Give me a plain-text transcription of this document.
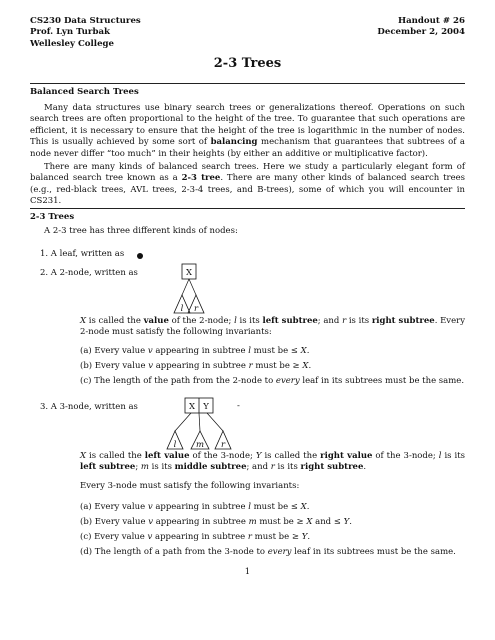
CS230 Data Structures
Prof. Lyn Turbak
Wellesley College
Handout # 26
December 2, 2004
2-3 Trees
Balanced Search Trees
Many data structures use binary search trees or generalizations thereof. Operations on such search trees are often proportional to the height of the tree. To guarantee that such operations are efficient, it is necessary to ensure that the height of the tree is logarithmic in the number of nodes. This is usually achieved by some sort of balancing mechanism that guarantees that subtrees of a node never differ “too much” in their heights (by either an additive or multiplicative factor).
There are many kinds of balanced search trees. Here we study a particularly elegant form of balanced search tree known as a 2-3 tree. There are many other kinds of balanced search trees (e.g., red-black trees, AVL trees, 2-3-4 trees, and B-trees), some of which you will encounter in CS231.
2-3 Trees
A 2-3 tree has three different kinds of nodes:
1. A leaf, written as
2. A 2-node, written as	X
l r
X is called the value of the 2-node; l is its left subtree; and r is its right subtree. Every 2-node must satisfy the following invariants:
(a) Every value v appearing in subtree l must be ≤ X.
(b) Every value v appearing in subtree r must be ≥ X.
(c) The length of the path from the 2-node to every leaf in its subtrees must be the same.
3. A 3-node, written as	X Y
l m r
-
X is called the left value of the 3-node; Y is called the right value of the 3-node; l is its left subtree; m is its middle subtree; and r is its right subtree.
Every 3-node must satisfy the following invariants:
(a) Every value v appearing in subtree l must be ≤ X.
(b) Every value v appearing in subtree m must be ≥ X and ≤ Y.
(c) Every value v appearing in subtree r must be ≥ Y.
(d) The length of a path from the 3-node to every leaf in its subtrees must be the same.
1
